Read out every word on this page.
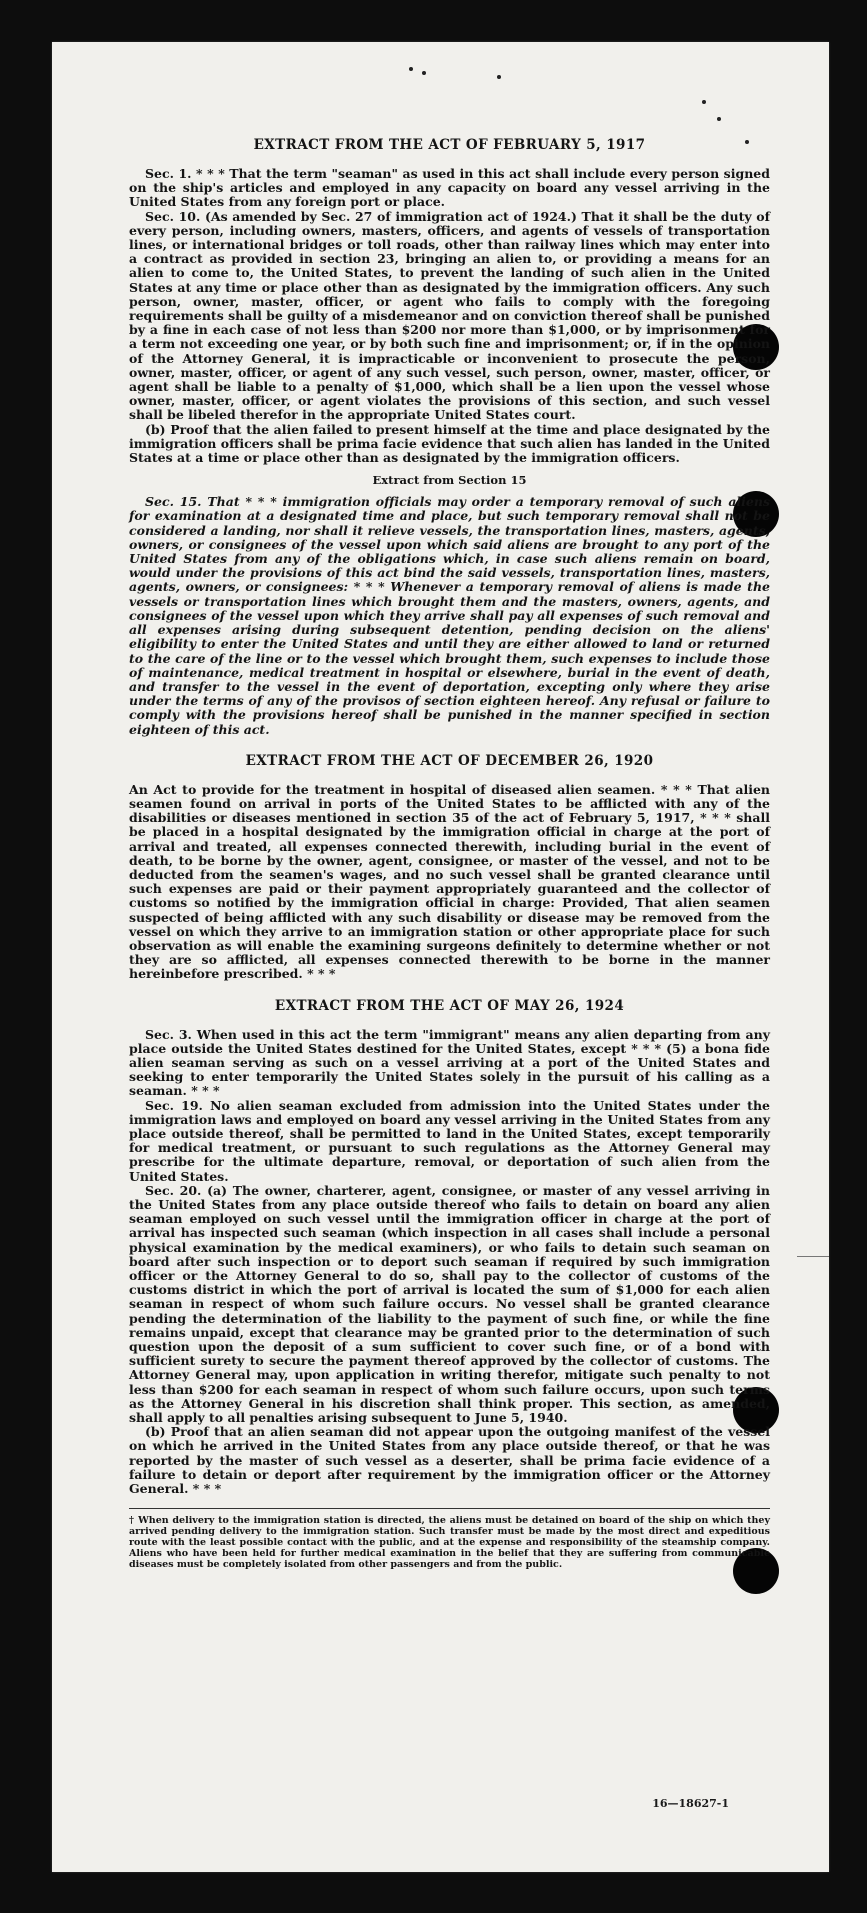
EXTRACT FROM THE ACT OF FEBRUARY 5, 1917

Sec. 1. * * * That the term "seaman" as used in this act shall include every person signed on the ship's articles and employed in any capacity on board any vessel arriving in the United States from any foreign port or place.

Sec. 10. (As amended by Sec. 27 of immigration act of 1924.) That it shall be the duty of every person, including owners, masters, officers, and agents of vessels of transportation lines, or international bridges or toll roads, other than railway lines which may enter into a contract as provided in section 23, bringing an alien to, or providing a means for an alien to come to, the United States, to prevent the landing of such alien in the United States at any time or place other than as designated by the immigration officers. Any such person, owner, master, officer, or agent who fails to comply with the foregoing requirements shall be guilty of a misdemeanor and on conviction thereof shall be punished by a fine in each case of not less than $200 nor more than $1,000, or by imprisonment for a term not exceeding one year, or by both such fine and imprisonment; or, if in the opinion of the Attorney General, it is impracticable or inconvenient to prosecute the person, owner, master, officer, or agent of any such vessel, such person, owner, master, officer, or agent shall be liable to a penalty of $1,000, which shall be a lien upon the vessel whose owner, master, officer, or agent violates the provisions of this section, and such vessel shall be libeled therefor in the appropriate United States court.

(b) Proof that the alien failed to present himself at the time and place designated by the immigration officers shall be prima facie evidence that such alien has landed in the United States at a time or place other than as designated by the immigration officers.

Extract from Section 15

Sec. 15. That * * * immigration officials may order a temporary removal of such aliens for examination at a designated time and place, but such temporary removal shall not be considered a landing, nor shall it relieve vessels, the transportation lines, masters, agents, owners, or consignees of the vessel upon which said aliens are brought to any port of the United States from any of the obligations which, in case such aliens remain on board, would under the provisions of this act bind the said vessels, transportation lines, masters, agents, owners, or consignees: * * * Whenever a temporary removal of aliens is made the vessels or transportation lines which brought them and the masters, owners, agents, and consignees of the vessel upon which they arrive shall pay all expenses of such removal and all expenses arising during subsequent detention, pending decision on the aliens' eligibility to enter the United States and until they are either allowed to land or returned to the care of the line or to the vessel which brought them, such expenses to include those of maintenance, medical treatment in hospital or elsewhere, burial in the event of death, and transfer to the vessel in the event of deportation, excepting only where they arise under the terms of any of the provisos of section eighteen hereof. Any refusal or failure to comply with the provisions hereof shall be punished in the manner specified in section eighteen of this act.

EXTRACT FROM THE ACT OF DECEMBER 26, 1920

An Act to provide for the treatment in hospital of diseased alien seamen. * * * That alien seamen found on arrival in ports of the United States to be afflicted with any of the disabilities or diseases mentioned in section 35 of the act of February 5, 1917, * * * shall be placed in a hospital designated by the immigration official in charge at the port of arrival and treated, all expenses connected therewith, including burial in the event of death, to be borne by the owner, agent, consignee, or master of the vessel, and not to be deducted from the seamen's wages, and no such vessel shall be granted clearance until such expenses are paid or their payment appropriately guaranteed and the collector of customs so notified by the immigration official in charge: Provided, That alien seamen suspected of being afflicted with any such disability or disease may be removed from the vessel on which they arrive to an immigration station or other appropriate place for such observation as will enable the examining surgeons definitely to determine whether or not they are so afflicted, all expenses connected therewith to be borne in the manner hereinbefore prescribed. * * *

EXTRACT FROM THE ACT OF MAY 26, 1924

Sec. 3. When used in this act the term "immigrant" means any alien departing from any place outside the United States destined for the United States, except * * * (5) a bona fide alien seaman serving as such on a vessel arriving at a port of the United States and seeking to enter temporarily the United States solely in the pursuit of his calling as a seaman. * * *

Sec. 19. No alien seaman excluded from admission into the United States under the immigration laws and employed on board any vessel arriving in the United States from any place outside thereof, shall be permitted to land in the United States, except temporarily for medical treatment, or pursuant to such regulations as the Attorney General may prescribe for the ultimate departure, removal, or deportation of such alien from the United States.

Sec. 20. (a) The owner, charterer, agent, consignee, or master of any vessel arriving in the United States from any place outside thereof who fails to detain on board any alien seaman employed on such vessel until the immigration officer in charge at the port of arrival has inspected such seaman (which inspection in all cases shall include a personal physical examination by the medical examiners), or who fails to detain such seaman on board after such inspection or to deport such seaman if required by such immigration officer or the Attorney General to do so, shall pay to the collector of customs of the customs district in which the port of arrival is located the sum of $1,000 for each alien seaman in respect of whom such failure occurs. No vessel shall be granted clearance pending the determination of the liability to the payment of such fine, or while the fine remains unpaid, except that clearance may be granted prior to the determination of such question upon the deposit of a sum sufficient to cover such fine, or of a bond with sufficient surety to secure the payment thereof approved by the collector of customs. The Attorney General may, upon application in writing therefor, mitigate such penalty to not less than $200 for each seaman in respect of whom such failure occurs, upon such terms as the Attorney General in his discretion shall think proper. This section, as amended, shall apply to all penalties arising subsequent to June 5, 1940.

(b) Proof that an alien seaman did not appear upon the outgoing manifest of the vessel on which he arrived in the United States from any place outside thereof, or that he was reported by the master of such vessel as a deserter, shall be prima facie evidence of a failure to detain or deport after requirement by the immigration officer or the Attorney General. * * *

† When delivery to the immigration station is directed, the aliens must be detained on board of the ship on which they arrived pending delivery to the immigration station. Such transfer must be made by the most direct and expeditious route with the least possible contact with the public, and at the expense and responsibility of the steamship company. Aliens who have been held for further medical examination in the belief that they are suffering from communicable diseases must be completely isolated from other passengers and from the public.

16—18627-1
